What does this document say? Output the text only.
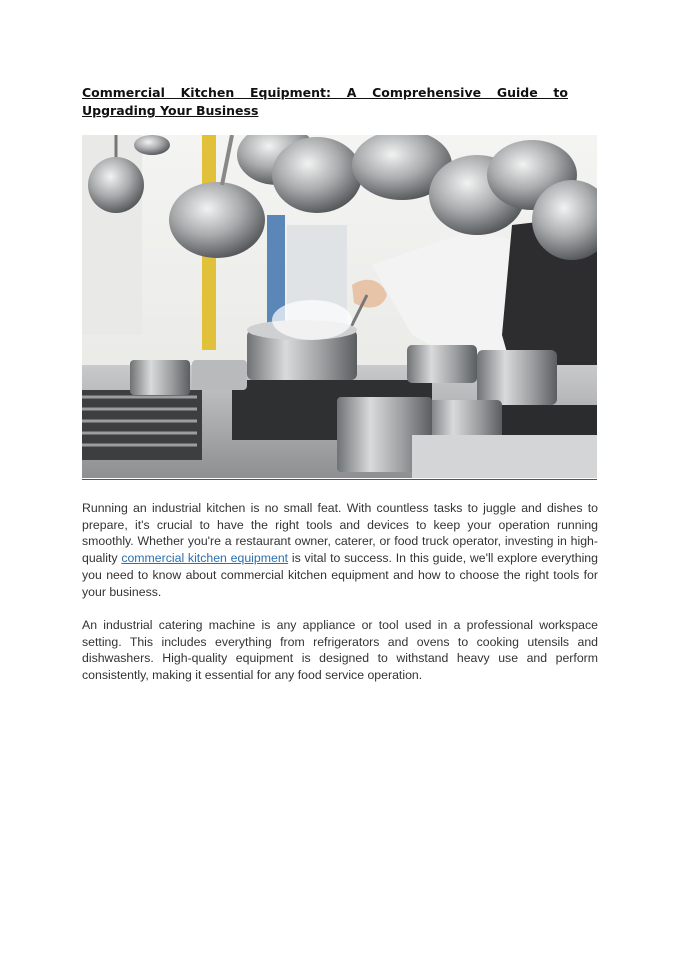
Commercial Kitchen Equipment: A Comprehensive Guide to Upgrading Your Business

Running an industrial kitchen is no small feat. With countless tasks to juggle and dishes to prepare, it's crucial to have the right tools and devices to keep your operation running smoothly. Whether you're a restaurant owner, caterer, or food truck operator, investing in high-quality commercial kitchen equipment is vital to success. In this guide, we'll explore everything you need to know about commercial kitchen equipment and how to choose the right tools for your business.

An industrial catering machine is any appliance or tool used in a professional workspace setting. This includes everything from refrigerators and ovens to cooking utensils and dishwashers. High-quality equipment is designed to withstand heavy use and perform consistently, making it essential for any food service operation.
